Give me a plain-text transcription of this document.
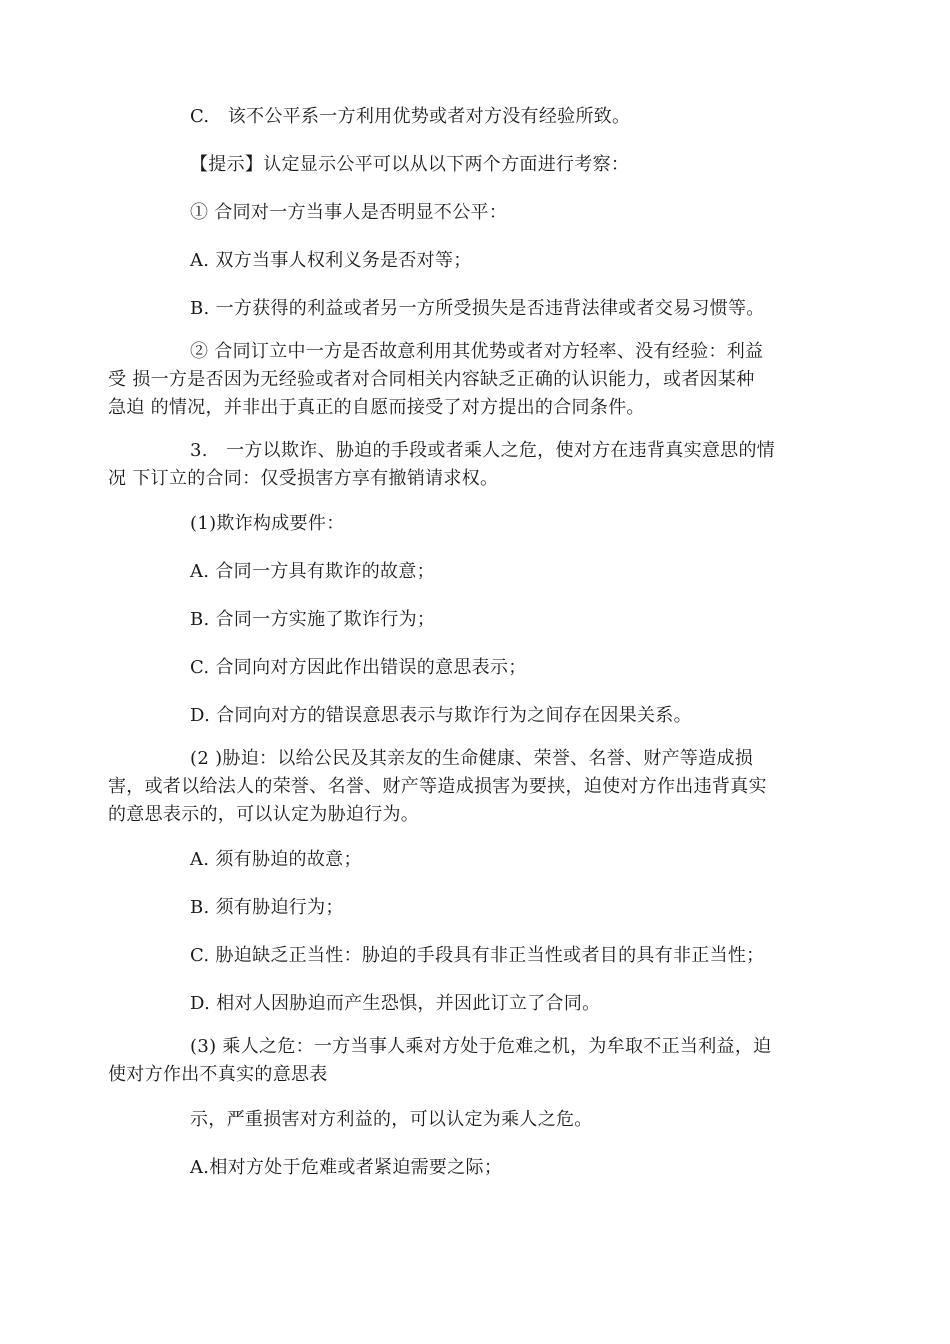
C.　该不公平系一方利用优势或者对方没有经验所致。
【提示】认定显示公平可以从以下两个方面进行考察：
① 合同对一方当事人是否明显不公平：
A. 双方当事人权利义务是否对等；
B. 一方获得的利益或者另一方所受损失是否违背法律或者交易习惯等。
② 合同订立中一方是否故意利用其优势或者对方轻率、没有经验：利益
受 损一方是否因为无经验或者对合同相关内容缺乏正确的认识能力，或者因某种
急迫 的情况，并非出于真正的自愿而接受了对方提出的合同条件。
3.　一方以欺诈、胁迫的手段或者乘人之危，使对方在违背真实意思的情
况 下订立的合同：仅受损害方享有撤销请求权。
(1)欺诈构成要件：
A. 合同一方具有欺诈的故意；
B. 合同一方实施了欺诈行为；
C. 合同向对方因此作出错误的意思表示；
D. 合同向对方的错误意思表示与欺诈行为之间存在因果关系。
(2 )胁迫：以给公民及其亲友的生命健康、荣誉、名誉、财产等造成损
害，或者以给法人的荣誉、名誉、财产等造成损害为要挟，迫使对方作出违背真实
的意思表示的，可以认定为胁迫行为。
A. 须有胁迫的故意；
B. 须有胁迫行为；
C. 胁迫缺乏正当性：胁迫的手段具有非正当性或者目的具有非正当性；
D. 相对人因胁迫而产生恐惧，并因此订立了合同。
(3) 乘人之危：一方当事人乘对方处于危难之机，为牟取不正当利益，迫
使对方作出不真实的意思表
示，严重损害对方利益的，可以认定为乘人之危。
A.相对方处于危难或者紧迫需要之际；
